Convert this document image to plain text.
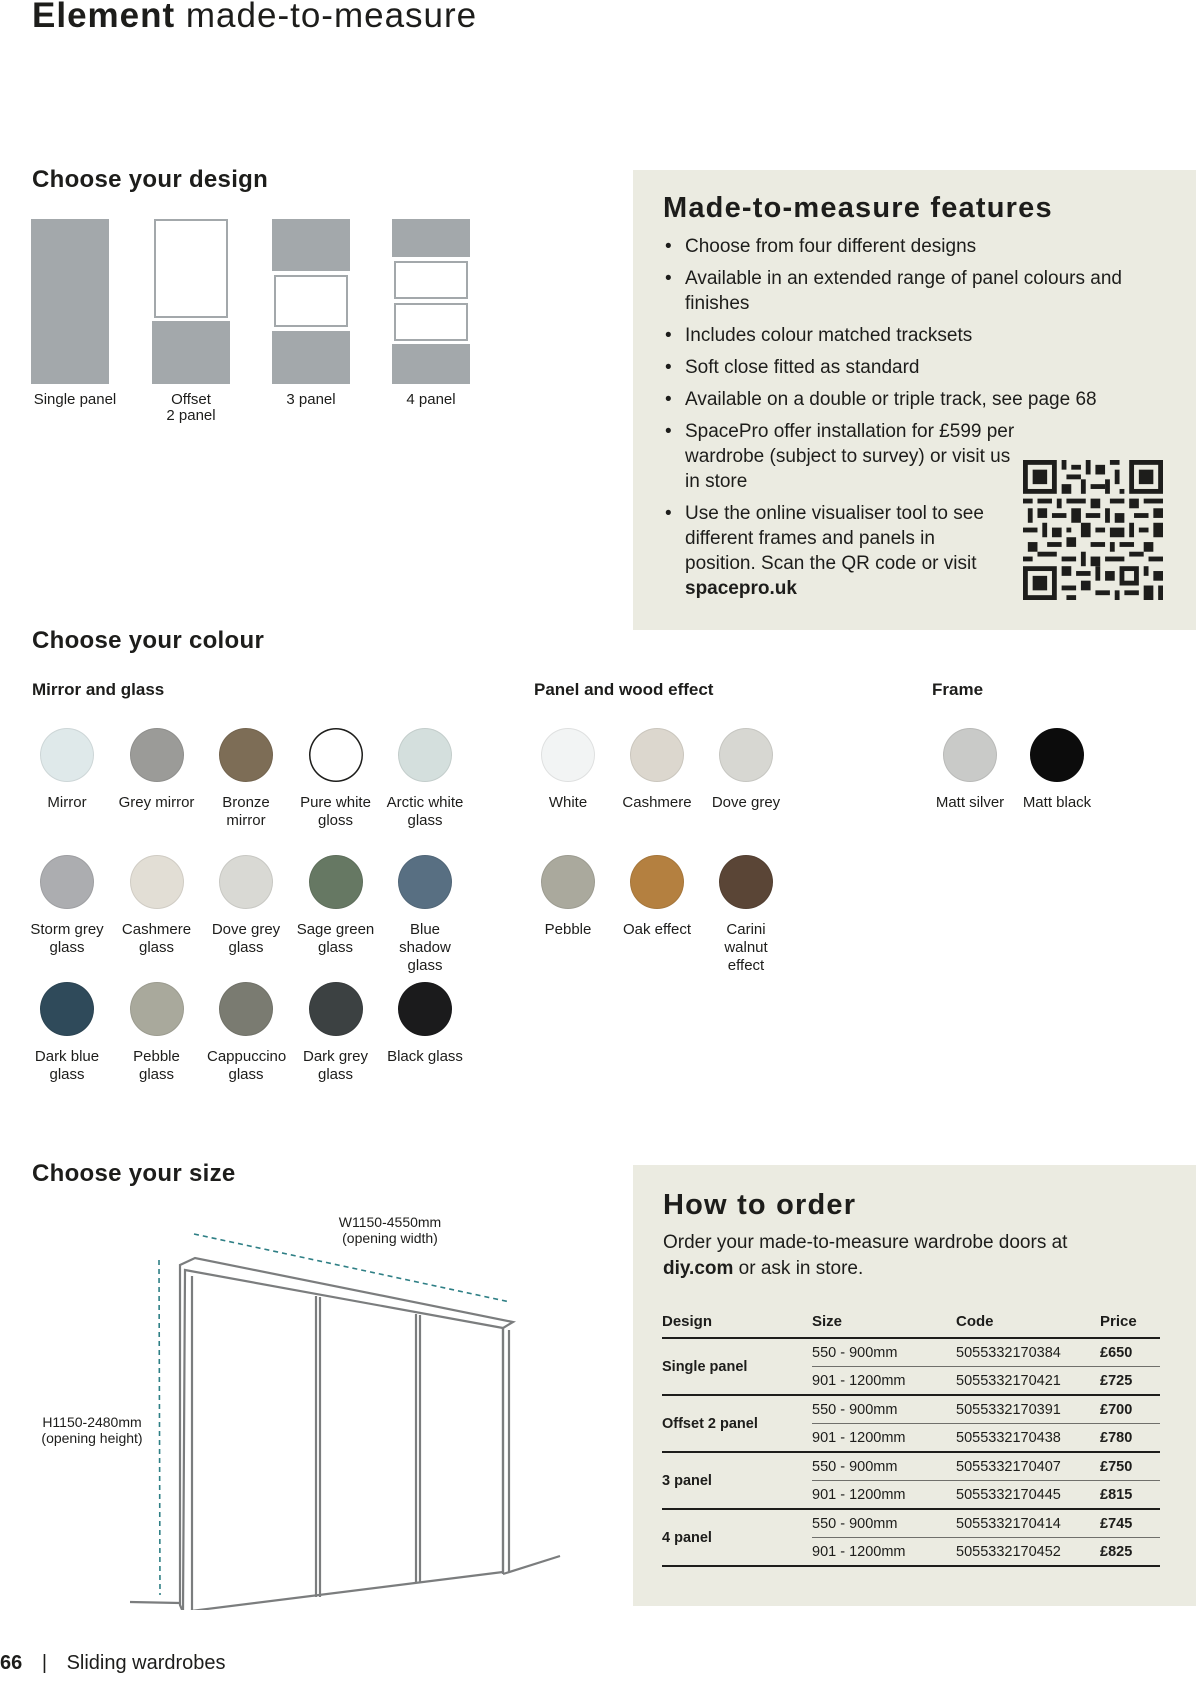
Element made-to-measure
Choose your design
Single panel	Offset
2 panel
3 panel	4 panel
Made-to-measure features
• Choose from four different designs
• Available in an extended range of panel colours and finishes
• Includes colour matched tracksets
• Soft close fitted as standard
• Available on a double or triple track, see page 68
• SpacePro offer installation for £599 per wardrobe (subject to survey) or visit us in store
• Use the online visualiser tool to see different frames and panels in position. Scan the QR code or visit spacepro.uk
Choose your colour
Mirror and glass	Panel and wood effect	Frame
Mirror	Grey mirror	Bronze mirror
Pure white gloss
Arctic white glass
Storm grey glass
Cashmere glass
Dove grey glass
Sage green glass
Blue shadow glass
Dark blue glass
Pebble glass
Cappuccino glass
Dark grey glass
Black glass
White	Cashmere	Dove grey
Pebble	Oak effect	Carini walnut effect
Matt silver	Matt black
Choose your size
W1150-4550mm
(opening width)
H1150-2480mm
(opening height)
How to order
Order your made-to-measure wardrobe doors at diy.com or ask in store.
Design	Size	Code	Price
Single panel	550 - 900mm	5055332170384	£650
	901 - 1200mm	5055332170421	£725
Offset 2 panel	550 - 900mm	5055332170391	£700
	901 - 1200mm	5055332170438	£780
3 panel	550 - 900mm	5055332170407	£750
	901 - 1200mm	5055332170445	£815
4 panel	550 - 900mm	5055332170414	£745
	901 - 1200mm	5055332170452	£825
66 | Sliding wardrobes
